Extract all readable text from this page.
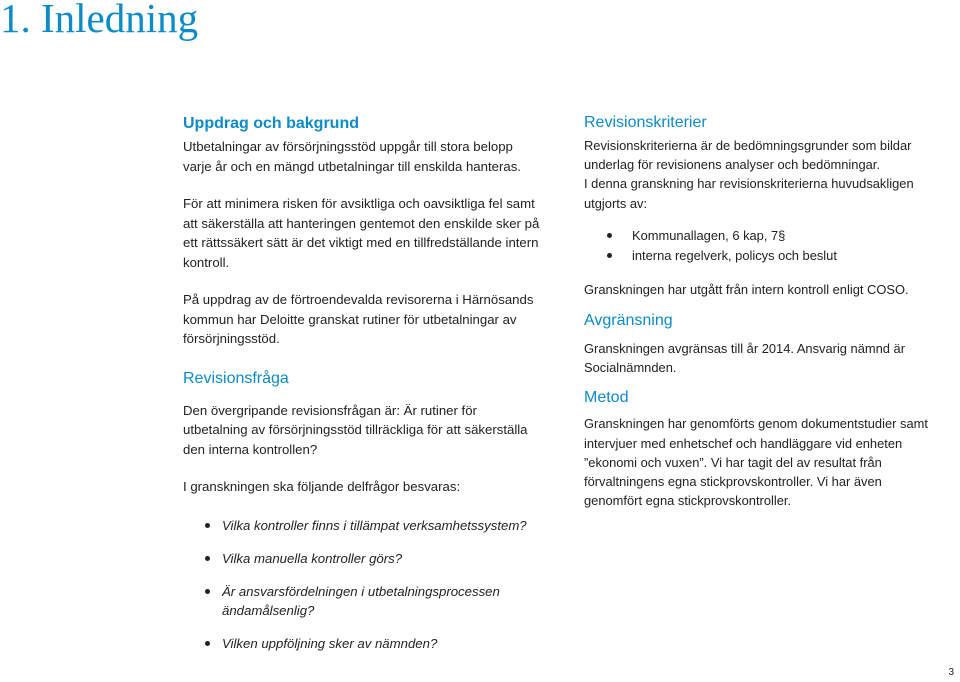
1. Inledning
Uppdrag och bakgrund

Utbetalningar av försörjningsstöd uppgår till stora belopp
varje år och en mängd utbetalningar till enskilda hanteras.

För att minimera risken för avsiktliga och oavsiktliga fel samt
att säkerställa att hanteringen gentemot den enskilde sker på
ett rättssäkert sätt är det viktigt med en tillfredställande intern
kontroll.

På uppdrag av de förtroendevalda revisorerna i Härnösands
kommun har Deloitte granskat rutiner för utbetalningar av
försörjningsstöd.

Revisionsfråga

Den övergripande revisionsfrågan är: Är rutiner för
utbetalning av försörjningsstöd tillräckliga för att säkerställa
den interna kontrollen?

I granskningen ska följande delfrågor besvaras:

Vilka kontroller finns i tillämpat verksamhetssystem?
Vilka manuella kontroller görs?
Är ansvarsfördelningen i utbetalningsprocessen
ändamålsenlig?
Vilken uppföljning sker av nämnden?
Revisionskriterier

Revisionskriterierna är de bedömningsgrunder som bildar
underlag för revisionens analyser och bedömningar.
I denna granskning har revisionskriterierna huvudsakligen
utgjorts av:

Kommunallagen, 6 kap, 7§
interna regelverk, policys och beslut

Granskningen har utgått från intern kontroll enligt COSO.

Avgränsning

Granskningen avgränsas till år 2014. Ansvarig nämnd är
Socialnämnden.

Metod

Granskningen har genomförts genom dokumentstudier samt
intervjuer med enhetschef och handläggare vid enheten
”ekonomi och vuxen”. Vi har tagit del av resultat från
förvaltningens egna stickprovskontroller. Vi har även
genomfört egna stickprovskontroller.

3
